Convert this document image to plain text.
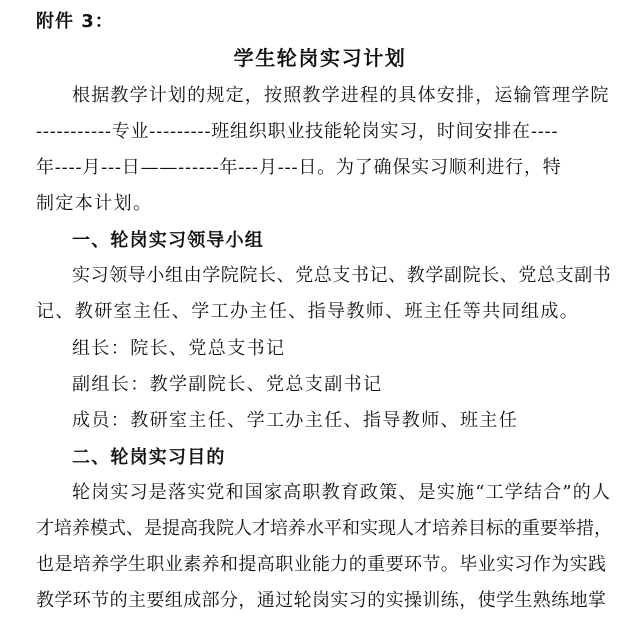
附件 3：
学生轮岗实习计划
根据教学计划的规定，按照教学进程的具体安排，运输管理学院
-----------专业---------班组织职业技能轮岗实习，时间安排在----
年----月---日——------年---月---日。为了确保实习顺利进行，特
制定本计划。
一、轮岗实习领导小组
实习领导小组由学院院长、党总支书记、教学副院长、党总支副书
记、教研室主任、学工办主任、指导教师、班主任等共同组成。
组长：院长、党总支书记
副组长：教学副院长、党总支副书记
成员：教研室主任、学工办主任、指导教师、班主任
二、轮岗实习目的
轮岗实习是落实党和国家高职教育政策、是实施“工学结合”的人
才培养模式、是提高我院人才培养水平和实现人才培养目标的重要举措，
也是培养学生职业素养和提高职业能力的重要环节。毕业实习作为实践
教学环节的主要组成部分，通过轮岗实习的实操训练，使学生熟练地掌
